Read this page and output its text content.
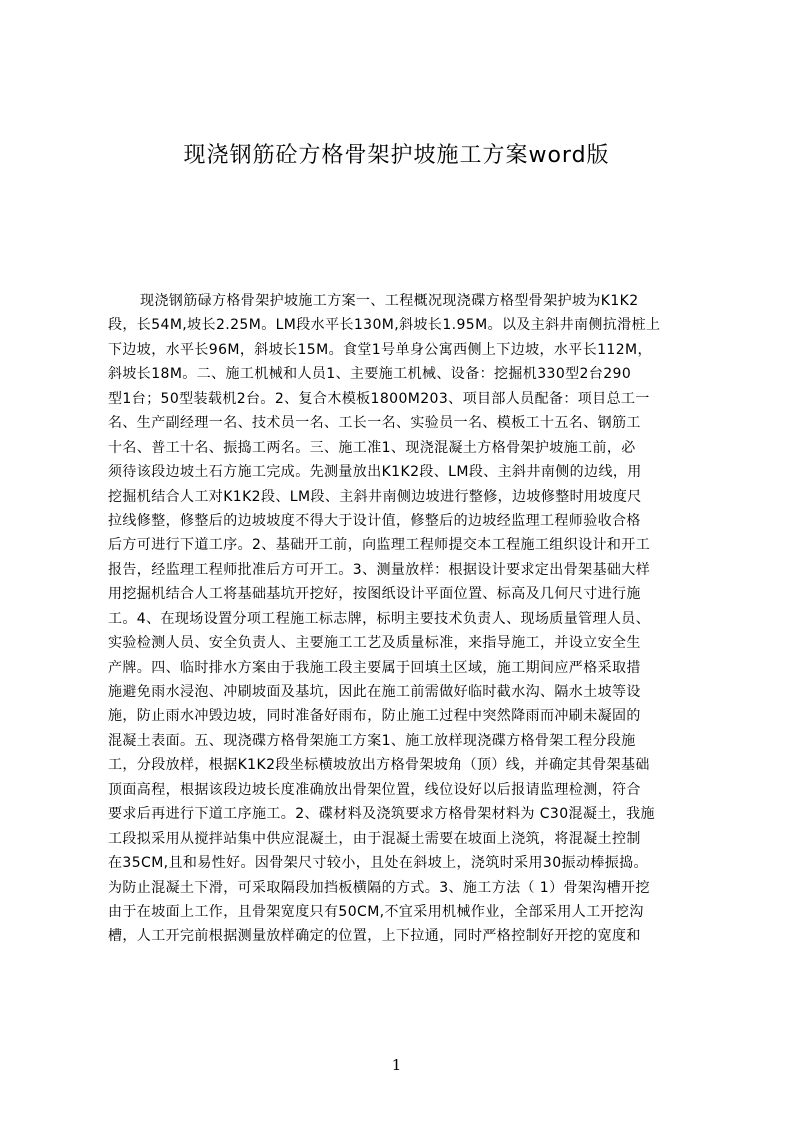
现浇钢筋砼方格骨架护坡施工方案word版
现浇钢筋碌方格骨架护坡施工方案一、工程概况现浇碟方格型骨架护坡为K1K2
段，长54M,坡长2.25M。LM段水平长130M,斜坡长1.95M。以及主斜井南侧抗滑桩上
下边坡，水平长96M，斜坡长15M。食堂1号单身公寓西侧上下边坡，水平长112M，
斜坡长18M。二、施工机械和人员1、主要施工机械、设备：挖掘机330型2台290
型1台；50型装载机2台。2、复合木模板1800M203、项目部人员配备：项目总工一
名、生产副经理一名、技术员一名、工长一名、实验员一名、模板工十五名、钢筋工
十名、普工十名、振捣工两名。三、施工准1、现浇混凝土方格骨架护坡施工前，必
须待该段边坡土石方施工完成。先测量放出K1K2段、LM段、主斜井南侧的边线，用
挖掘机结合人工对K1K2段、LM段、主斜井南侧边坡进行整修，边坡修整时用坡度尺
拉线修整，修整后的边坡坡度不得大于设计值，修整后的边坡经监理工程师验收合格
后方可进行下道工序。2、基础开工前，向监理工程师提交本工程施工组织设计和开工
报告，经监理工程师批准后方可开工。3、测量放样：根据设计要求定出骨架基础大样
用挖掘机结合人工将基础基坑开挖好，按图纸设计平面位置、标高及几何尺寸进行施
工。4、在现场设置分项工程施工标志牌，标明主要技术负责人、现场质量管理人员、
实验检测人员、安全负责人、主要施工工艺及质量标准，来指导施工，并设立安全生
产牌。四、临时排水方案由于我施工段主要属于回填土区域，施工期间应严格采取措
施避免雨水浸泡、冲刷坡面及基坑，因此在施工前需做好临时截水沟、隔水土坡等设
施，防止雨水冲毁边坡，同时准备好雨布，防止施工过程中突然降雨而冲刷未凝固的
混凝土表面。五、现浇碟方格骨架施工方案1、施工放样现浇碟方格骨架工程分段施
工，分段放样，根据K1K2段坐标横坡放出方格骨架坡角（顶）线，并确定其骨架基础
顶面高程，根据该段边坡长度准确放出骨架位置，线位设好以后报请监理检测，符合
要求后再进行下道工序施工。2、碟材料及浇筑要求方格骨架材料为 C30混凝土，我施
工段拟采用从搅拌站集中供应混凝土，由于混凝土需要在坡面上浇筑，将混凝土控制
在35CM,且和易性好。因骨架尺寸较小，且处在斜坡上，浇筑时采用30振动棒振捣。
为防止混凝土下滑，可采取隔段加挡板横隔的方式。3、施工方法（ 1）骨架沟槽开挖
由于在坡面上工作，且骨架宽度只有50CM,不宜采用机械作业，全部采用人工开挖沟
槽，人工开完前根据测量放样确定的位置，上下拉通，同时严格控制好开挖的宽度和
1
